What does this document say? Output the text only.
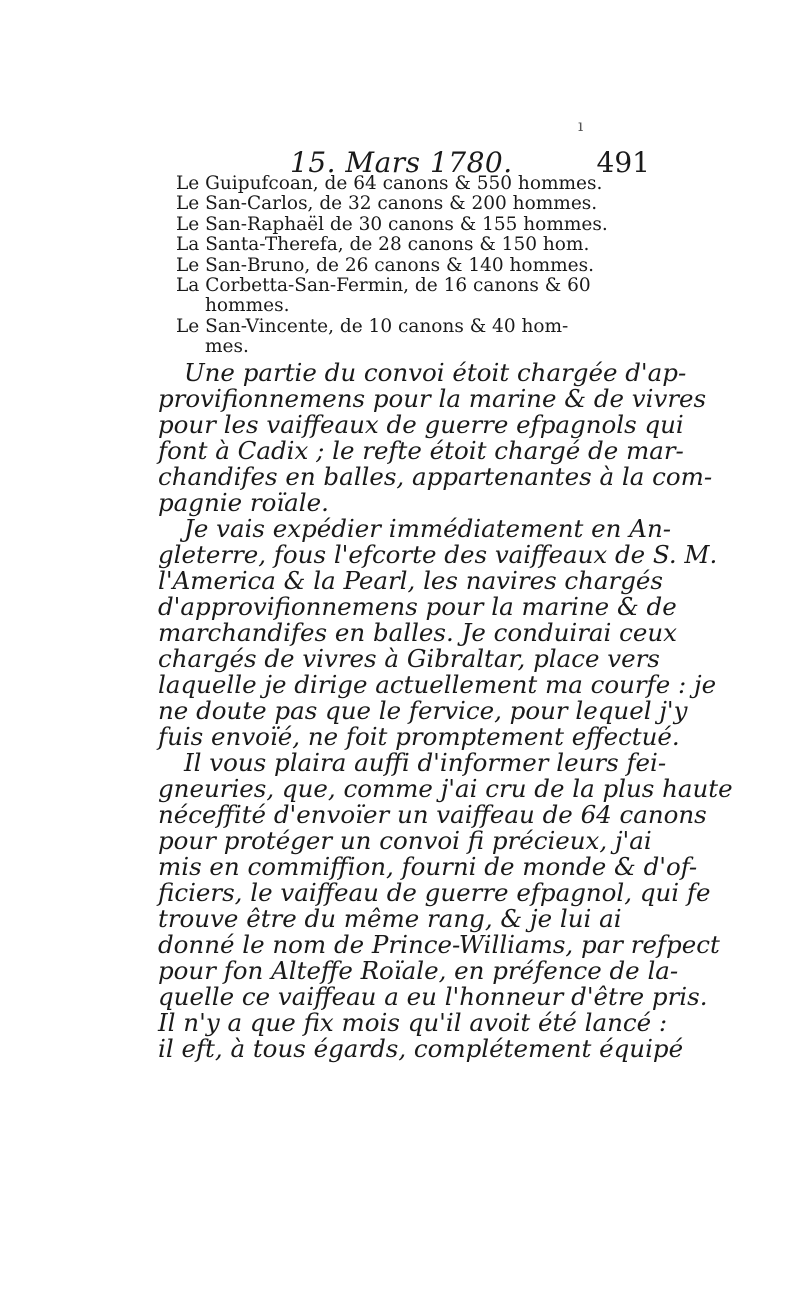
ı
15. Mars 1780.	491
Le Guipufcoan, de 64 canons & 550 hommes.
Le San-Carlos, de 32 canons & 200 hommes.
Le San-Raphaël de 30 canons & 155 hommes.
La Santa-Therefa, de 28 canons & 150 hom.
Le San-Bruno, de 26 canons & 140 hommes.
La Corbetta-San-Fermin, de 16 canons & 60
hommes.
Le San-Vincente, de 10 canons & 40 hom-
mes.
Une partie du convoi étoit chargée d'ap-
provifionnemens pour la marine & de vivres
pour les vaiffeaux de guerre efpagnols qui
font à Cadix ; le refte étoit chargé de mar-
chandifes en balles, appartenantes à la com-
pagnie roïale.
Je vais expédier immédiatement en An-
gleterre, fous l'efcorte des vaiffeaux de S. M.
l'America & la Pearl, les navires chargés
d'approvifionnemens pour la marine & de
marchandifes en balles. Je conduirai ceux
chargés de vivres à Gibraltar, place vers
laquelle je dirige actuellement ma courfe : je
ne doute pas que le fervice, pour lequel j'y
fuis envoïé, ne foit promptement effectué.
Il vous plaira auffi d'informer leurs fei-
gneuries, que, comme j'ai cru de la plus haute
néceffité d'envoïer un vaiffeau de 64 canons
pour protéger un convoi fi précieux, j'ai
mis en commiffion, fourni de monde & d'of-
ficiers, le vaiffeau de guerre efpagnol, qui fe
trouve être du même rang, & je lui ai
donné le nom de Prince-Williams, par refpect
pour fon Alteffe Roïale, en préfence de la-
quelle ce vaiffeau a eu l'honneur d'être pris.
Il n'y a que fix mois qu'il avoit été lancé :
il eft, à tous égards, complétement équipé
